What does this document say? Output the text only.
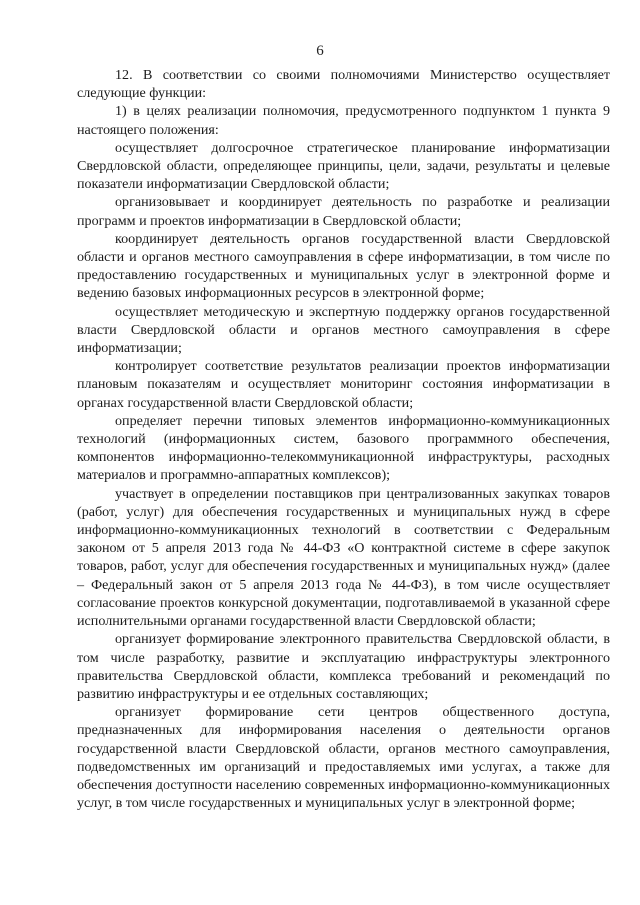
6

12. В соответствии со своими полномочиями Министерство осуществляет следующие функции:

1) в целях реализации полномочия, предусмотренного подпунктом 1 пункта 9 настоящего положения:

осуществляет долгосрочное стратегическое планирование информатизации Свердловской области, определяющее принципы, цели, задачи, результаты и целевые показатели информатизации Свердловской области;

организовывает и координирует деятельность по разработке и реализации программ и проектов информатизации в Свердловской области;

координирует деятельность органов государственной власти Свердловской области и органов местного самоуправления в сфере информатизации, в том числе по предоставлению государственных и муниципальных услуг в электронной форме и ведению базовых информационных ресурсов в электронной форме;

осуществляет методическую и экспертную поддержку органов государственной власти Свердловской области и органов местного самоуправления в сфере информатизации;

контролирует соответствие результатов реализации проектов информатизации плановым показателям и осуществляет мониторинг состояния информатизации в органах государственной власти Свердловской области;

определяет перечни типовых элементов информационно-коммуникационных технологий (информационных систем, базового программного обеспечения, компонентов информационно-телекоммуникационной инфраструктуры, расходных материалов и программно-аппаратных комплексов);

участвует в определении поставщиков при централизованных закупках товаров (работ, услуг) для обеспечения государственных и муниципальных нужд в сфере информационно-коммуникационных технологий в соответствии с Федеральным законом от 5 апреля 2013 года № 44-ФЗ «О контрактной системе в сфере закупок товаров, работ, услуг для обеспечения государственных и муниципальных нужд» (далее – Федеральный закон от 5 апреля 2013 года № 44-ФЗ), в том числе осуществляет согласование проектов конкурсной документации, подготавливаемой в указанной сфере исполнительными органами государственной власти Свердловской области;

организует формирование электронного правительства Свердловской области, в том числе разработку, развитие и эксплуатацию инфраструктуры электронного правительства Свердловской области, комплекса требований и рекомендаций по развитию инфраструктуры и ее отдельных составляющих;

организует формирование сети центров общественного доступа, предназначенных для информирования населения о деятельности органов государственной власти Свердловской области, органов местного самоуправления, подведомственных им организаций и предоставляемых ими услугах, а также для обеспечения доступности населению современных информационно-коммуникационных услуг, в том числе государственных и муниципальных услуг в электронной форме;
